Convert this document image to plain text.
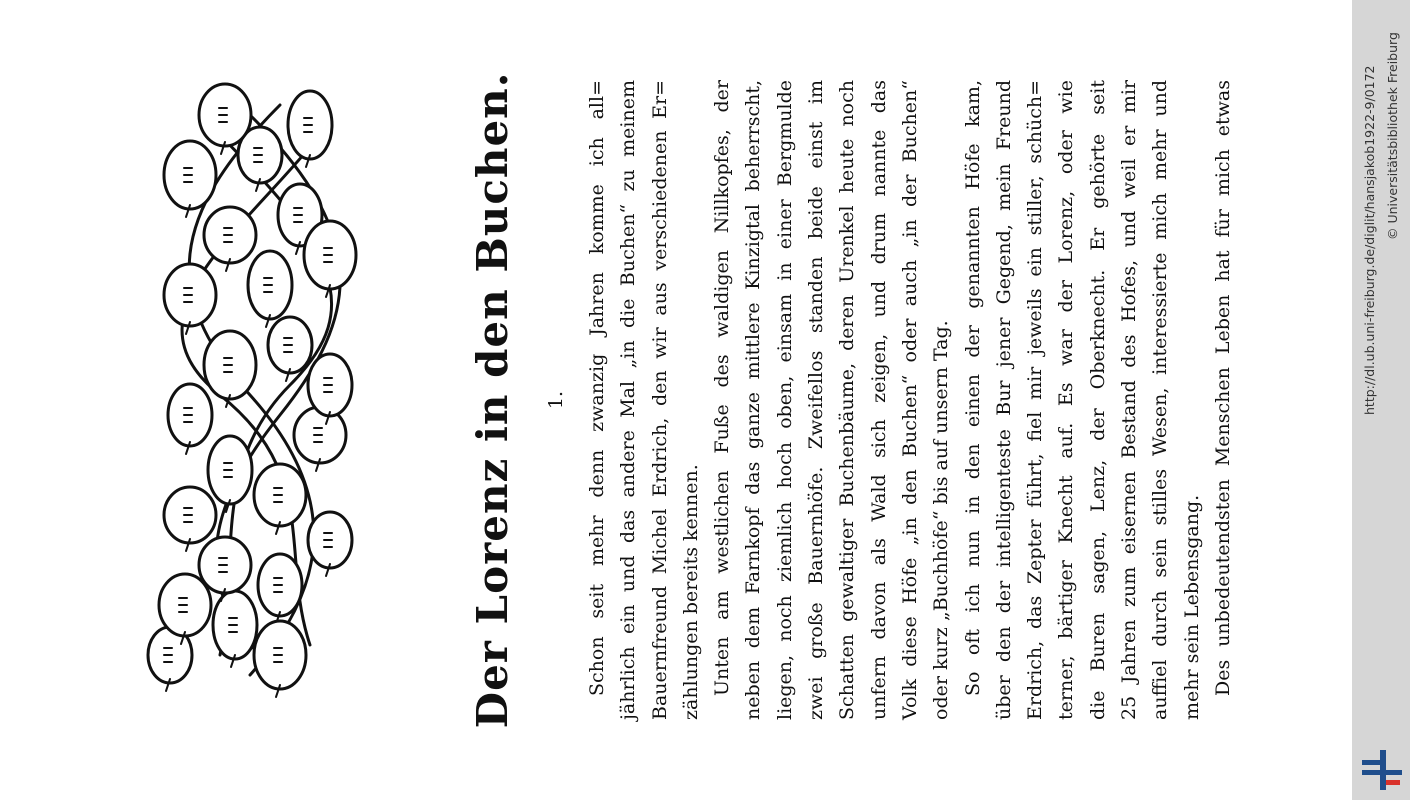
Der Lorenz in den Buchen. 1. Schon seit mehr denn zwanzig Jahren komme ich all= jährlich ein und das andere Mal „in die Buchen“ zu meinem Bauernfreund Michel Erdrich, den wir aus verschiedenen Er= zählungen bereits kennen. Unten am westlichen Fuße des waldigen Nillkopfes, der neben dem Farnkopf das ganze mittlere Kinzigtal beherrscht, liegen, noch ziemlich hoch oben, einsam in einer Bergmulde zwei große Bauernhöfe. Zweifellos standen beide einst im Schatten gewaltiger Buchenbäume, deren Urenkel heute noch unfern davon als Wald sich zeigen, und drum nannte das Volk diese Höfe „in den Buchen“ oder auch „in der Buchen“ oder kurz „Buchhöfe“ bis auf unsern Tag. So oft ich nun in den einen der genannten Höfe kam, über den der intelligenteste Bur jener Gegend, mein Freund Erdrich, das Zepter führt, fiel mir jeweils ein stiller, schüch= terner, bärtiger Knecht auf. Es war der Lorenz, oder wie die Buren sagen, Lenz, der Oberknecht. Er gehörte seit 25 Jahren zum eisernen Bestand des Hofes, und weil er mir auffiel durch sein stilles Wesen, interessierte mich mehr und mehr sein Lebensgang. Des unbedeutendsten Menschen Leben hat für mich etwas	http://dl.ub.uni-freiburg.de/diglit/hansjakob1922-9/0172 © Universitätsbibliothek Freiburg
